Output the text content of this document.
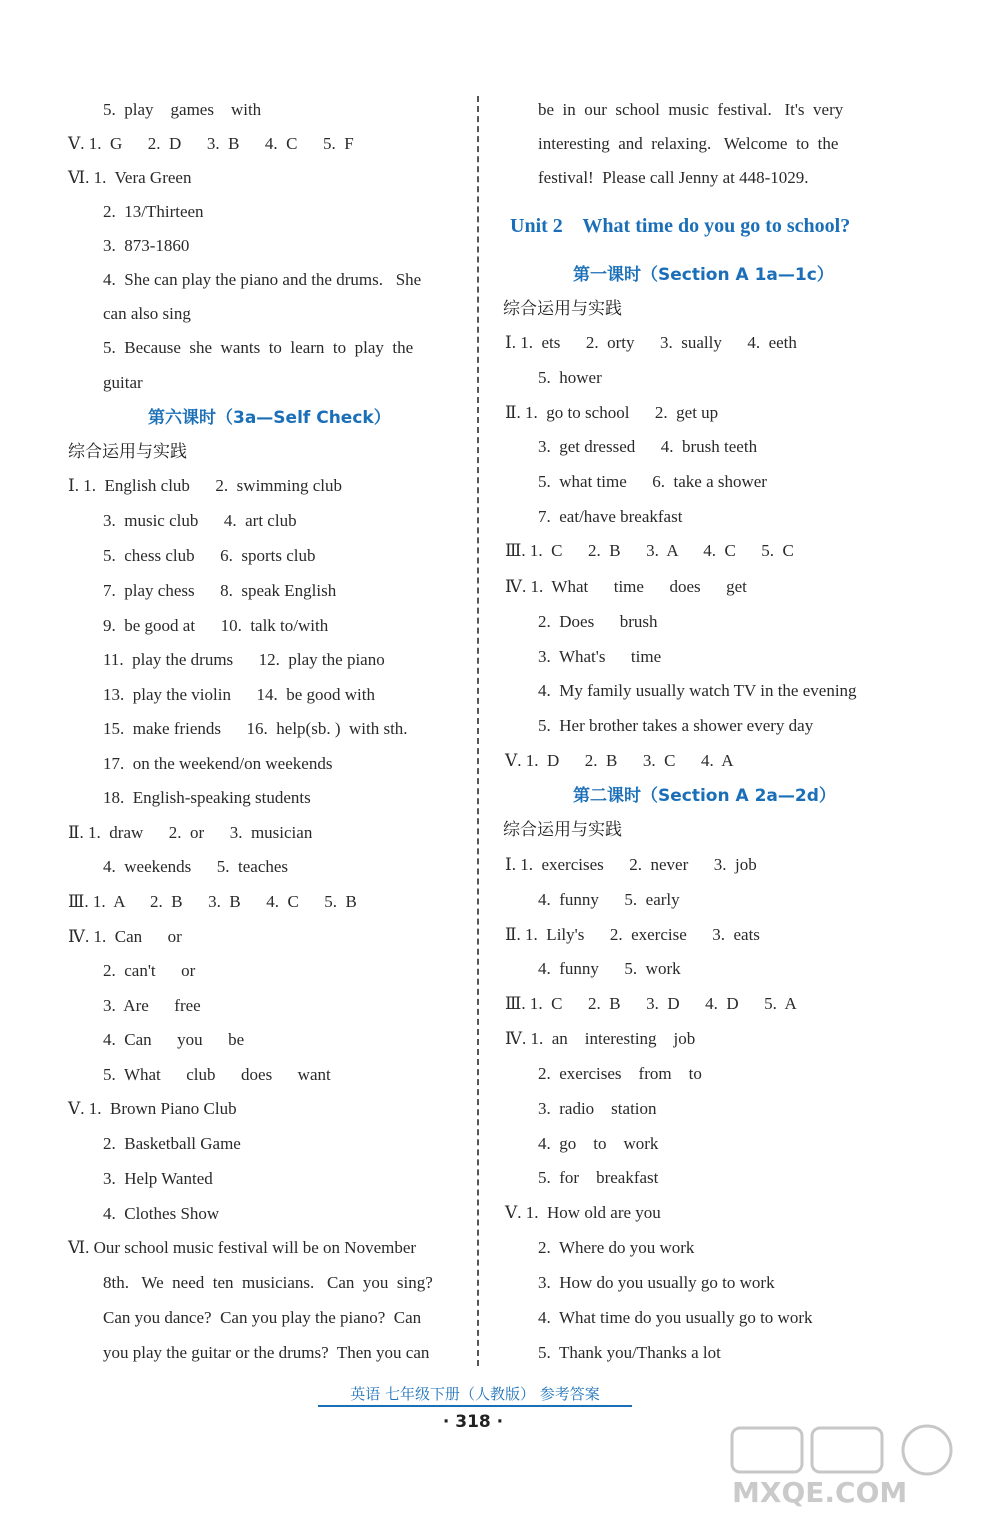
5.  play    games    with
Ⅴ. 1.  G      2.  D      3.  B      4.  C      5.  F
Ⅵ. 1.  Vera Green
2.  13/Thirteen
3.  873-1860
4.  She can play the piano and the drums.   She
can also sing
5.  Because  she  wants  to  learn  to  play  the
guitar
Ⅰ. 1.  English club      2.  swimming club
3.  music club      4.  art club
5.  chess club      6.  sports club
7.  play chess      8.  speak English
9.  be good at      10.  talk to/with
11.  play the drums      12.  play the piano
13.  play the violin      14.  be good with
15.  make friends      16.  help(sb. )  with sth.
17.  on the weekend/on weekends
18.  English-speaking students
Ⅱ. 1.  draw      2.  or      3.  musician
4.  weekends      5.  teaches
Ⅲ. 1.  A      2.  B      3.  B      4.  C      5.  B
Ⅳ. 1.  Can      or
2.  can't      or
3.  Are      free
4.  Can      you      be
5.  What      club      does      want
Ⅴ. 1.  Brown Piano Club
2.  Basketball Game
3.  Help Wanted
4.  Clothes Show
Ⅵ. Our school music festival will be on November
8th.   We  need  ten  musicians.   Can  you  sing?
Can you dance?  Can you play the piano?  Can
you play the guitar or the drums?  Then you can
be  in  our  school  music  festival.   It's  very
interesting  and  relaxing.   Welcome  to  the
festival!  Please call Jenny at 448-1029.
Ⅰ. 1.  ets      2.  orty      3.  sually      4.  eeth
5.  hower
Ⅱ. 1.  go to school      2.  get up
3.  get dressed      4.  brush teeth
5.  what time      6.  take a shower
7.  eat/have breakfast
Ⅲ. 1.  C      2.  B      3.  A      4.  C      5.  C
Ⅳ. 1.  What      time      does      get
2.  Does      brush
3.  What's      time
4.  My family usually watch TV in the evening
5.  Her brother takes a shower every day
Ⅴ. 1.  D      2.  B      3.  C      4.  A
Ⅰ. 1.  exercises      2.  never      3.  job
4.  funny      5.  early
Ⅱ. 1.  Lily's      2.  exercise      3.  eats
4.  funny      5.  work
Ⅲ. 1.  C      2.  B      3.  D      4.  D      5.  A
Ⅳ. 1.  an    interesting    job
2.  exercises    from    to
3.  radio    station
4.  go    to    work
5.  for    breakfast
Ⅴ. 1.  How old are you
2.  Where do you work
3.  How do you usually go to work
4.  What time do you usually go to work
5.  Thank you/Thanks a lot
第六课时（3a—Self Check）
综合运用与实践
Unit 2    What time do you go to school?
第一课时（Section A 1a—1c）
综合运用与实践
第二课时（Section A 2a—2d）
综合运用与实践
英语 七年级下册（人教版） 参考答案
· 318 ·
MXQE.COM
